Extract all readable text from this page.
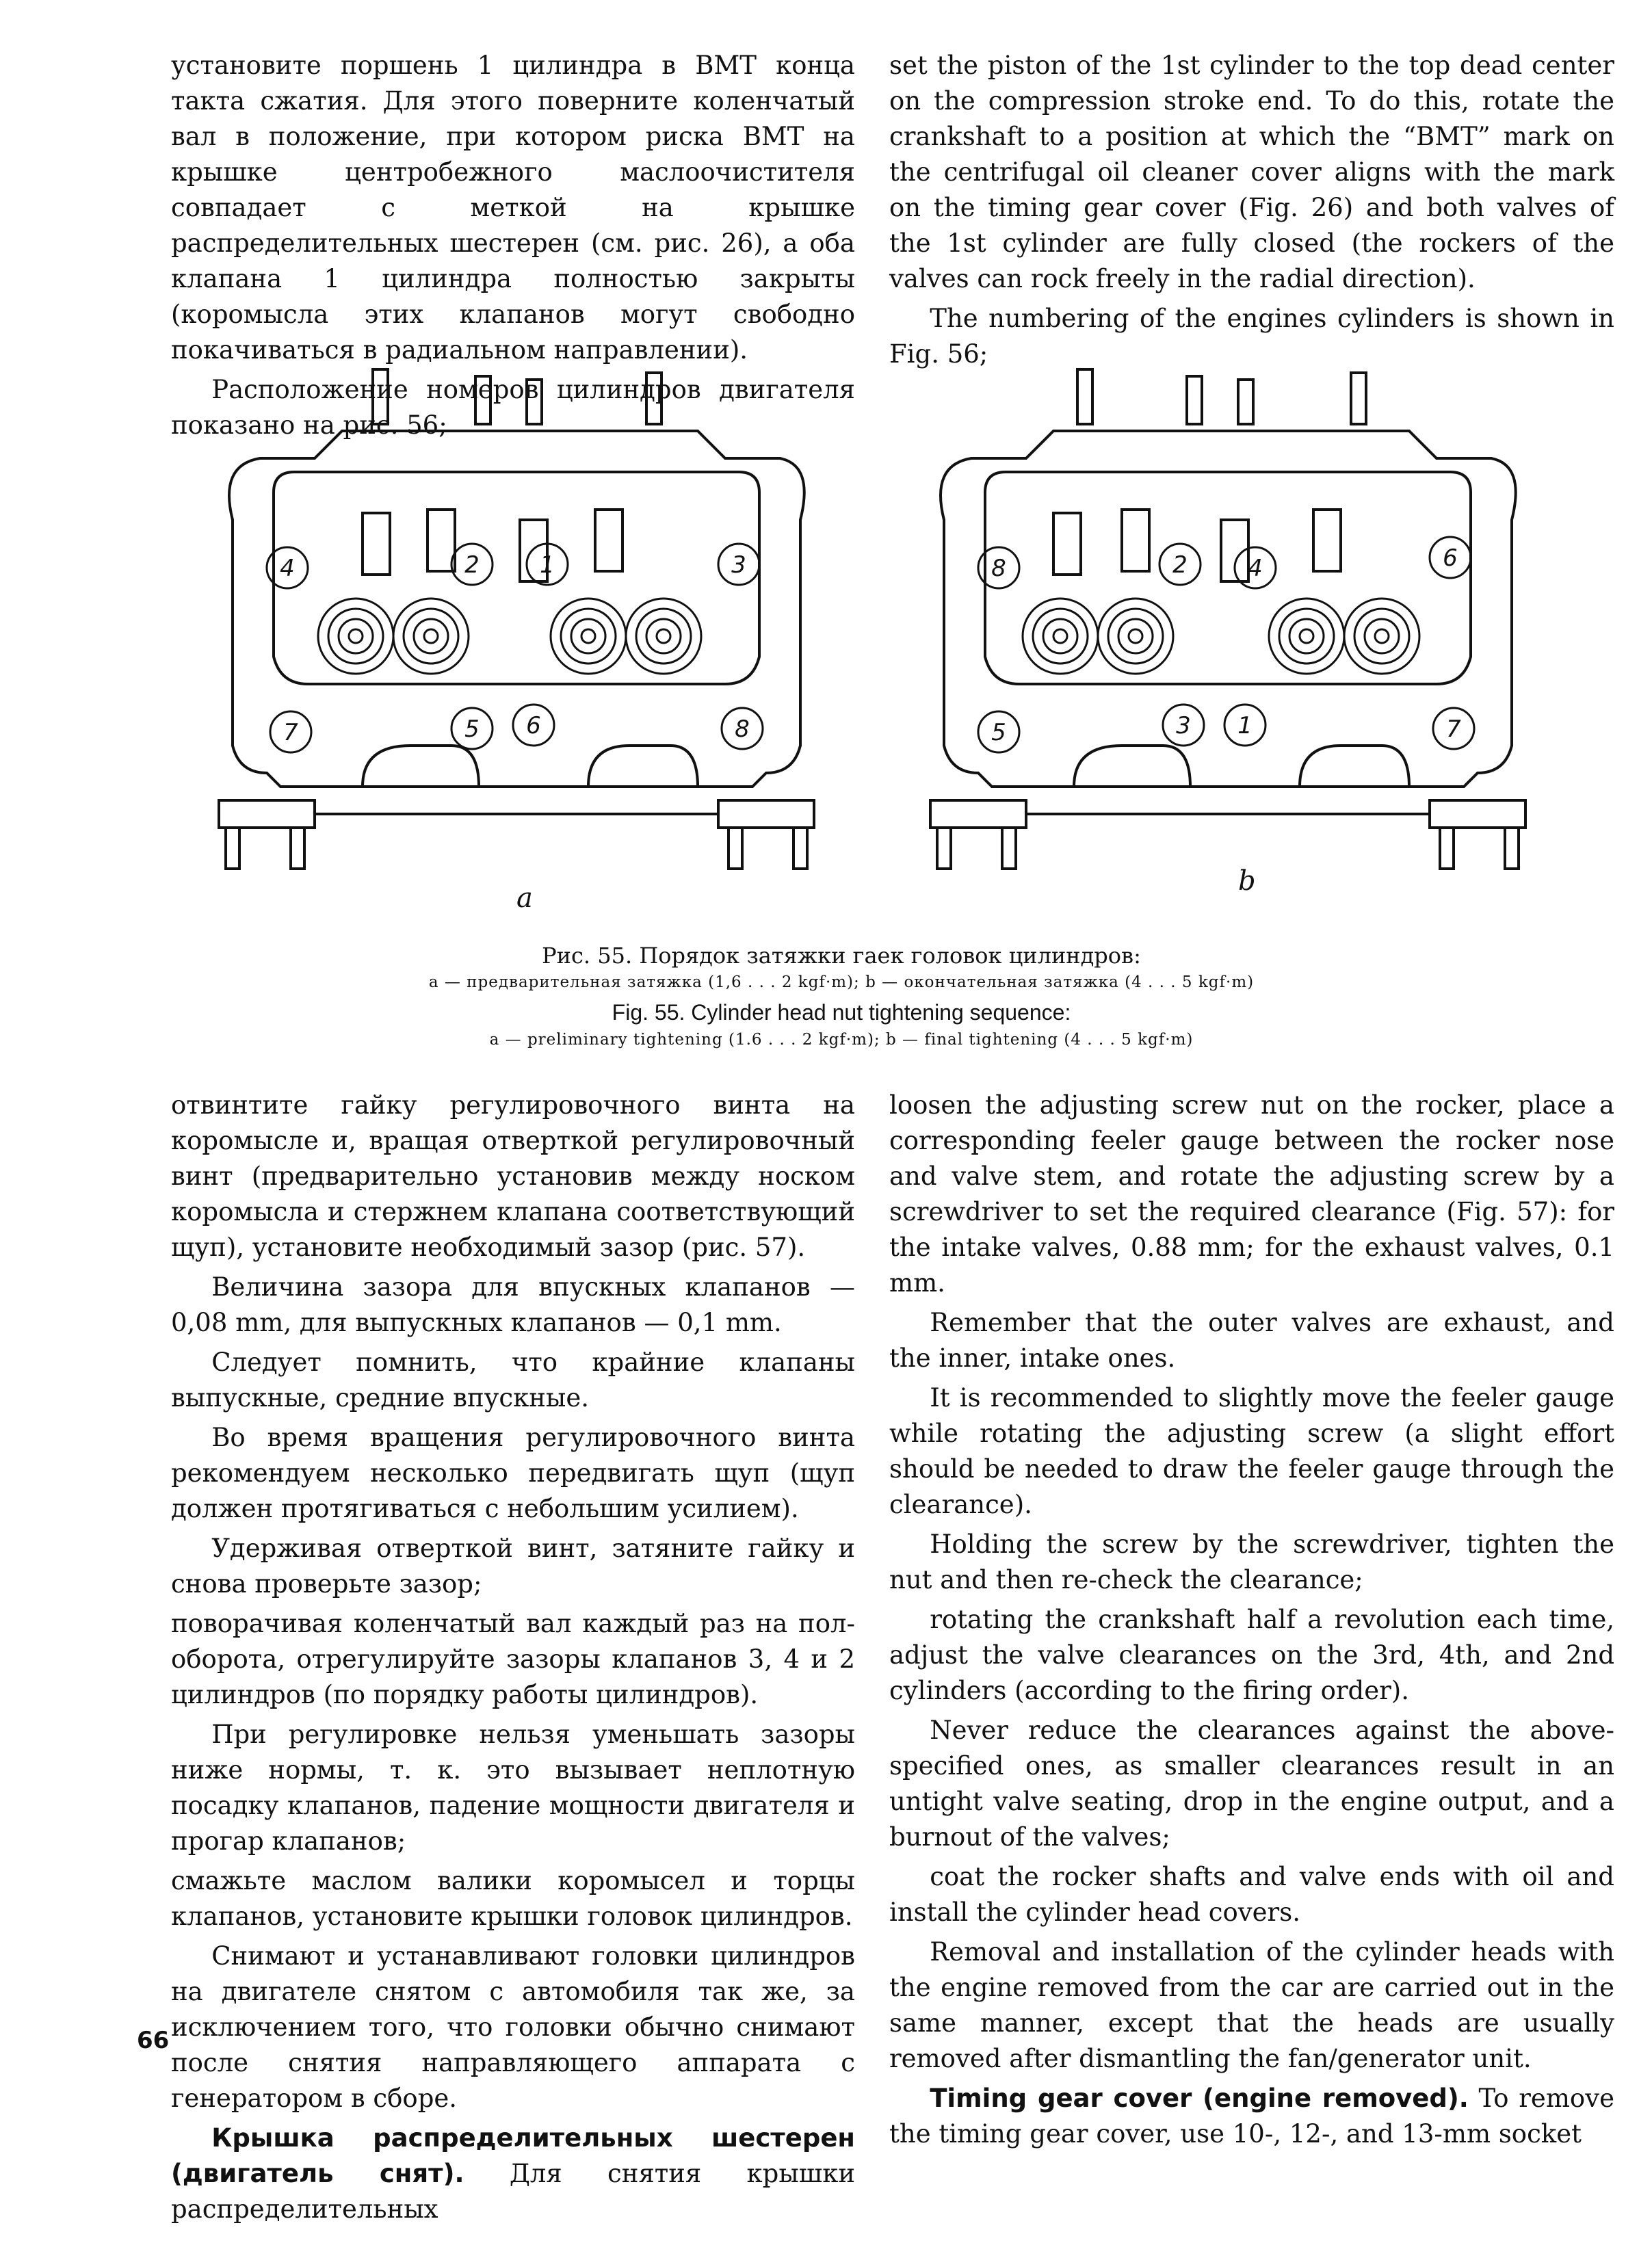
установите поршень 1 цилиндра в ВМТ конца такта сжатия. Для этого поверните коленчатый вал в положение, при котором риска ВМТ на крышке центробежного маслоочистителя совпадает с меткой на крышке распределительных шестерен (см. рис. 26), а оба клапана 1 цилиндра полностью закрыты (коромысла этих клапанов могут свободно покачиваться в радиальном направлении).

Расположение номеров цилиндров двигателя показано на рис. 56;

set the piston of the 1st cylinder to the top dead center on the compression stroke end. To do this, rotate the crankshaft to a position at which the “BMT” mark on the centrifugal oil cleaner cover aligns with the mark on the timing gear cover (Fig. 26) and both valves of the 1st cylinder are fully closed (the rockers of the valves can rock freely in the radial direction).

The numbering of the engines cylinders is shown in Fig. 56;

4	2	1	3
7	5 6	8
8	2	4	6
5	3 1	7
a
b
Рис. 55. Порядок затяжки гаек головок цилиндров:
a — предварительная затяжка (1,6 . . . 2 kgf·m); b — окончательная затяжка (4 . . . 5 kgf·m)
Fig. 55. Cylinder head nut tightening sequence:
a — preliminary tightening (1.6 . . . 2 kgf·m); b — final tightening (4 . . . 5 kgf·m)

отвинтите гайку регулировочного винта на коромысле и, вращая отверткой регулировочный винт (предварительно установив между носком коромысла и стержнем клапана соответствующий щуп), установите необходимый зазор (рис. 57).

Величина зазора для впускных клапанов — 0,08 mm, для выпускных клапанов — 0,1 mm.

Следует помнить, что крайние клапаны выпускные, средние впускные.

Во время вращения регулировочного винта рекомендуем несколько передвигать щуп (щуп должен протягиваться с небольшим усилием).

Удерживая отверткой винт, затяните гайку и снова проверьте зазор;

поворачивая коленчатый вал каждый раз на пол-оборота, отрегулируйте зазоры клапанов 3, 4 и 2 цилиндров (по порядку работы цилиндров).

При регулировке нельзя уменьшать зазоры ниже нормы, т. к. это вызывает неплотную посадку клапанов, падение мощности двигателя и прогар клапанов;

смажьте маслом валики коромысел и торцы клапанов, установите крышки головок цилиндров.

Снимают и устанавливают головки цилиндров на двигателе снятом с автомобиля так же, за исключением того, что головки обычно снимают после снятия направляющего аппарата с генератором в сборе.

Крышка распределительных шестерен (двигатель снят). Для снятия крышки распределительных

loosen the adjusting screw nut on the rocker, place a corresponding feeler gauge between the rocker nose and valve stem, and rotate the adjusting screw by a screwdriver to set the required clearance (Fig. 57): for the intake valves, 0.88 mm; for the exhaust valves, 0.1 mm.

Remember that the outer valves are exhaust, and the inner, intake ones.

It is recommended to slightly move the feeler gauge while rotating the adjusting screw (a slight effort should be needed to draw the feeler gauge through the clearance).

Holding the screw by the screwdriver, tighten the nut and then re-check the clearance;

rotating the crankshaft half a revolution each time, adjust the valve clearances on the 3rd, 4th, and 2nd cylinders (according to the firing order).

Never reduce the clearances against the above-specified ones, as smaller clearances result in an untight valve seating, drop in the engine output, and a burnout of the valves;

coat the rocker shafts and valve ends with oil and install the cylinder head covers.

Removal and installation of the cylinder heads with the engine removed from the car are carried out in the same manner, except that the heads are usually removed after dismantling the fan/generator unit.

Timing gear cover (engine removed). To remove the timing gear cover, use 10-, 12-, and 13-mm socket

66
